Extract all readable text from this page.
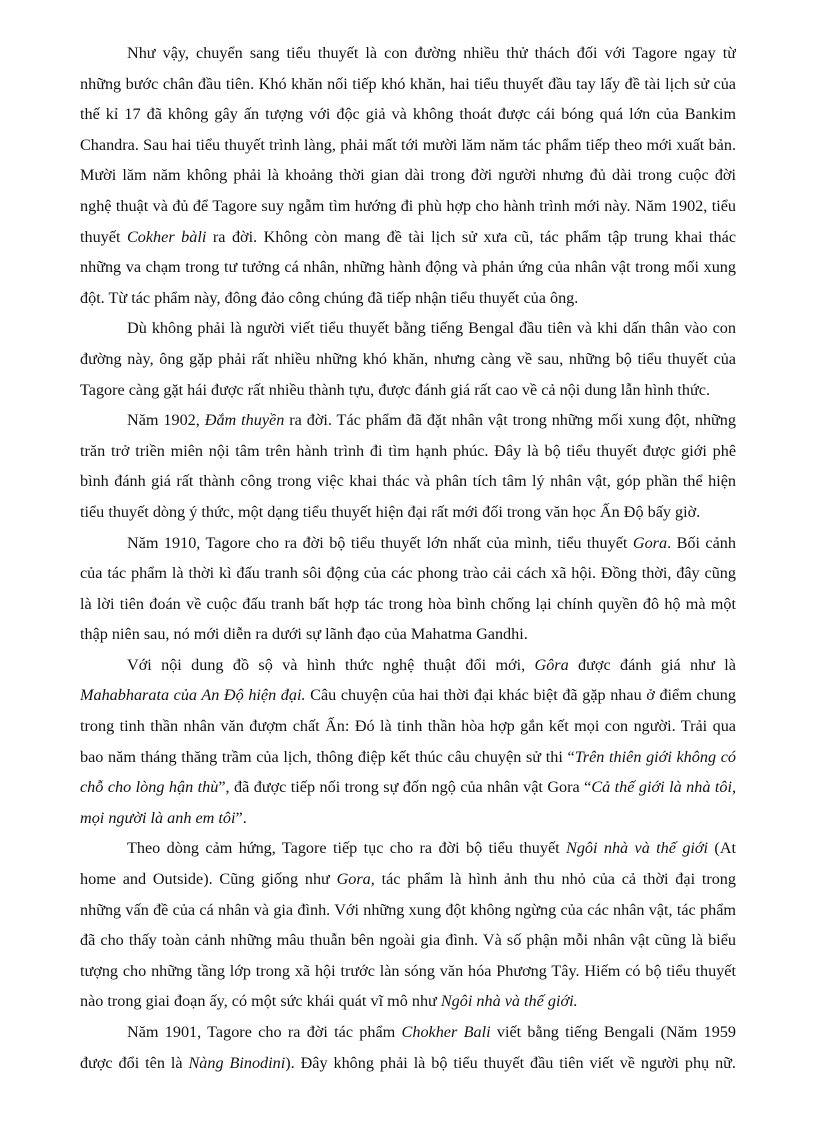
Như vậy, chuyển sang tiểu thuyết là con đường nhiều thử thách đối với Tagore ngay từ
những bước chân đầu tiên. Khó khăn nối tiếp khó khăn, hai tiểu thuyết đầu tay lấy đề tài lịch sử của
thế kỉ 17 đã không gây ấn tượng với độc giả và không thoát được cái bóng quá lớn của Bankim
Chandra. Sau hai tiểu thuyết trình làng, phải mất tới mười lăm năm tác phẩm tiếp theo mới xuất bản.
Mười lăm năm không phải là khoảng thời gian dài trong đời người nhưng đủ dài trong cuộc đời
nghệ thuật và đủ để Tagore suy ngẫm tìm hướng đi phù hợp cho hành trình mới này. Năm 1902, tiểu
thuyết Cokher bàli ra đời. Không còn mang đề tài lịch sử xưa cũ, tác phẩm tập trung khai thác
những va chạm trong tư tưởng cá nhân, những hành động và phản ứng của nhân vật trong mối xung
đột. Từ tác phẩm này, đông đảo công chúng đã tiếp nhận tiểu thuyết của ông.
Dù không phải là người viết tiểu thuyết bằng tiếng Bengal đầu tiên và khi dấn thân vào con
đường này, ông gặp phải rất nhiều những khó khăn, nhưng càng về sau, những bộ tiểu thuyết của
Tagore càng gặt hái được rất nhiều thành tựu, được đánh giá rất cao về cả nội dung lẫn hình thức.
Năm 1902, Đắm thuyền ra đời. Tác phẩm đã đặt nhân vật trong những mối xung đột, những
trăn trở triền miên nội tâm trên hành trình đi tìm hạnh phúc. Đây là bộ tiểu thuyết được giới phê
bình đánh giá rất thành công trong việc khai thác và phân tích tâm lý nhân vật, góp phần thể hiện
tiểu thuyết dòng ý thức, một dạng tiểu thuyết hiện đại rất mới đối trong văn học Ấn Độ bấy giờ.
Năm 1910, Tagore cho ra đời bộ tiểu thuyết lớn nhất của mình, tiểu thuyết Gora. Bối cảnh
của tác phẩm là thời kì đấu tranh sôi động của các phong trào cải cách xã hội. Đồng thời, đây cũng
là lời tiên đoán về cuộc đấu tranh bất hợp tác trong hòa bình chống lại chính quyền đô hộ mà một
thập niên sau, nó mới diễn ra dưới sự lãnh đạo của Mahatma Gandhi.
Với nội dung đồ sộ và hình thức nghệ thuật đổi mới, Gôra được đánh giá như là
Mahabharata của An Độ hiện đại. Câu chuyện của hai thời đại khác biệt đã gặp nhau ở điểm chung
trong tinh thần nhân văn đượm chất Ấn: Đó là tinh thần hòa hợp gắn kết mọi con người. Trải qua
bao năm tháng thăng trầm của lịch, thông điệp kết thúc câu chuyện sử thi “Trên thiên giới không có
chỗ cho lòng hận thù”, đã được tiếp nối trong sự đốn ngộ của nhân vật Gora “Cả thế giới là nhà tôi,
mọi người là anh em tôi”.
Theo dòng cảm hứng, Tagore tiếp tục cho ra đời bộ tiểu thuyết Ngôi nhà và thế giới (At
home and Outside). Cũng giống như Gora, tác phẩm là hình ảnh thu nhỏ của cả thời đại trong
những vấn đề của cá nhân và gia đình. Với những xung đột không ngừng của các nhân vật, tác phẩm
đã cho thấy toàn cảnh những mâu thuẫn bên ngoài gia đình. Và số phận mỗi nhân vật cũng là biểu
tượng cho những tầng lớp trong xã hội trước làn sóng văn hóa Phương Tây. Hiếm có bộ tiểu thuyết
nào trong giai đoạn ấy, có một sức khái quát vĩ mô như Ngôi nhà và thế giới.
Năm 1901, Tagore cho ra đời tác phẩm Chokher Bali viết bằng tiếng Bengali (Năm 1959
được đổi tên là Nàng Binodini). Đây không phải là bộ tiểu thuyết đầu tiên viết về người phụ nữ.
